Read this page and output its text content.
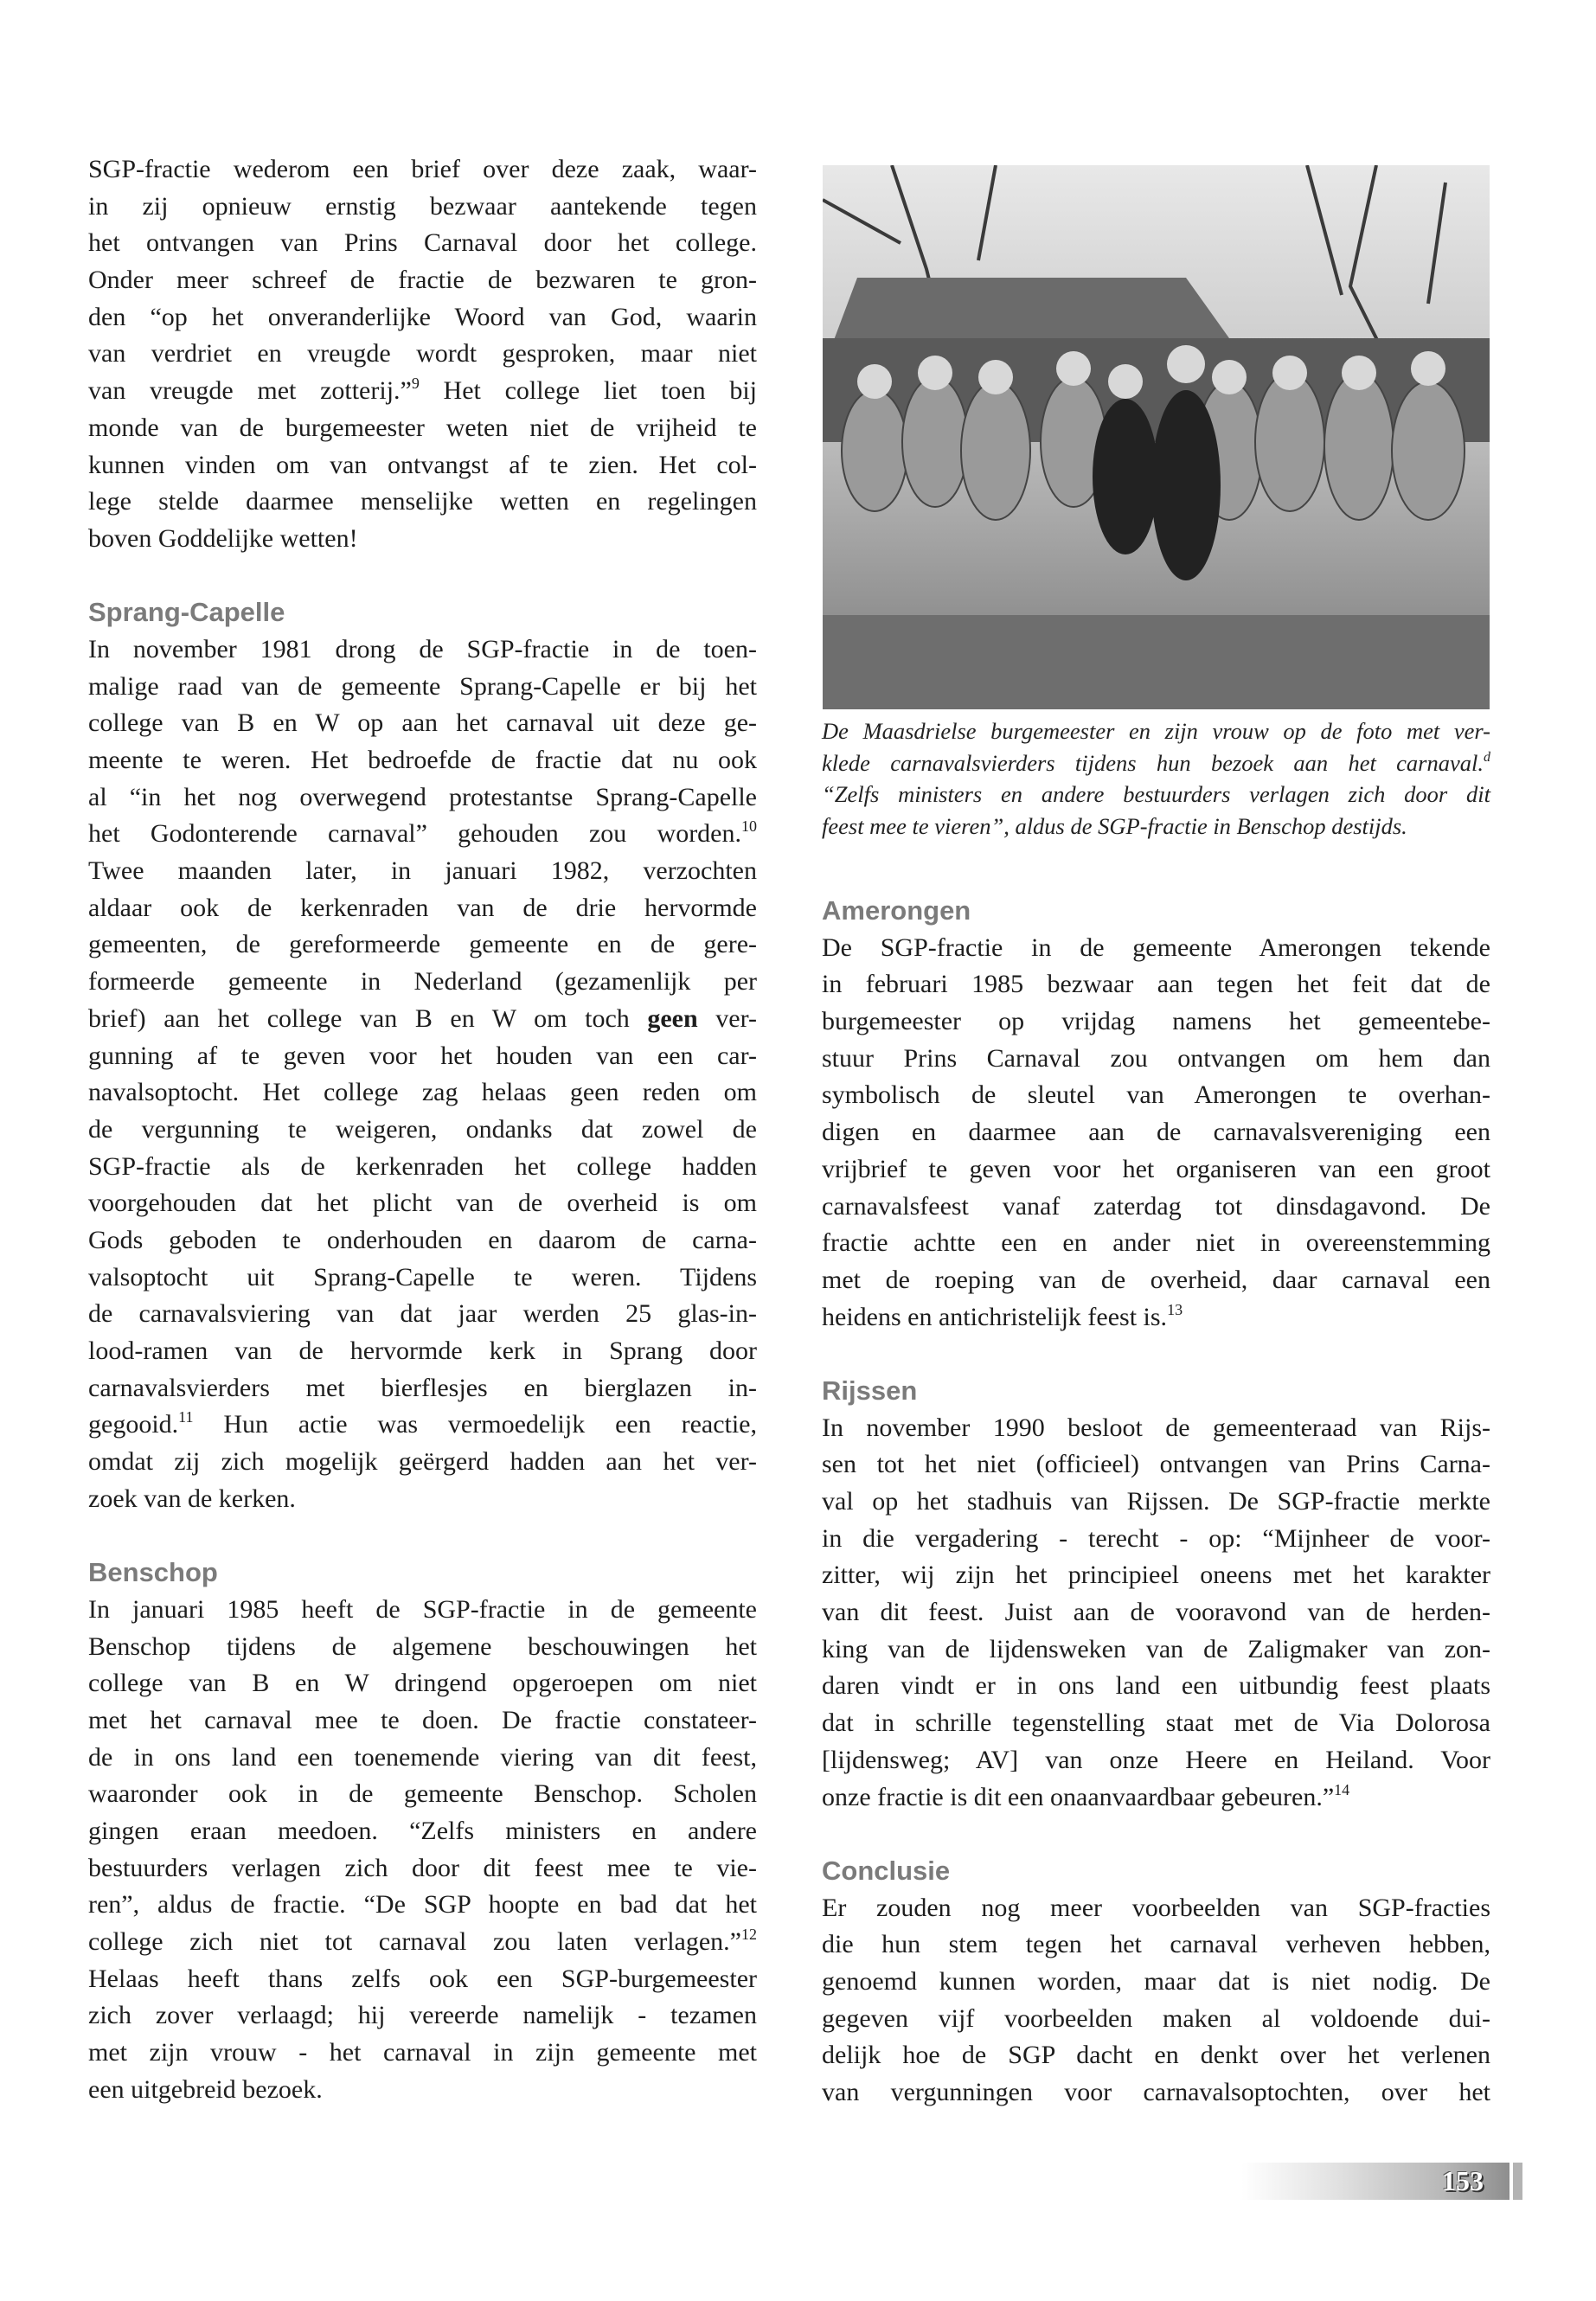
SGP-fractie wederom een brief over deze zaak, waar-
in zij opnieuw ernstig bezwaar aantekende tegen
het ontvangen van Prins Carnaval door het college.
Onder meer schreef de fractie de bezwaren te gron-
den “op het onveranderlijke Woord van God, waarin
van verdriet en vreugde wordt gesproken, maar niet
van vreugde met zotterij.”$^9$ Het college liet toen bij
monde van de burgemeester weten niet de vrijheid te
kunnen vinden om van ontvangst af te zien. Het col-
lege stelde daarmee menselijke wetten en regelingen
boven Goddelijke wetten!
Sprang-Capelle
In november 1981 drong de SGP-fractie in de toen-
malige raad van de gemeente Sprang-Capelle er bij het
college van B en W op aan het carnaval uit deze ge-
meente te weren. Het bedroefde de fractie dat nu ook
al “in het nog overwegend protestantse Sprang-Capelle
het Godonterende carnaval” gehouden zou worden.$^{10}$
Twee maanden later, in januari 1982, verzochten
aldaar ook de kerkenraden van de drie hervormde
gemeenten, de gereformeerde gemeente en de gere-
formeerde gemeente in Nederland (gezamenlijk per
brief) aan het college van B en W om toch geen ver-
gunning af te geven voor het houden van een car-
navalsoptocht. Het college zag helaas geen reden om
de vergunning te weigeren, ondanks dat zowel de
SGP-fractie als de kerkenraden het college hadden
voorgehouden dat het plicht van de overheid is om
Gods geboden te onderhouden en daarom de carna-
valsoptocht uit Sprang-Capelle te weren. Tijdens
de carnavalsviering van dat jaar werden 25 glas-in-
lood-ramen van de hervormde kerk in Sprang door
carnavalsvierders met bierflesjes en bierglazen in-
gegooid.$^{11}$ Hun actie was vermoedelijk een reactie,
omdat zij zich mogelijk geërgerd hadden aan het ver-
zoek van de kerken.
Benschop
In januari 1985 heeft de SGP-fractie in de gemeente
Benschop tijdens de algemene beschouwingen het
college van B en W dringend opgeroepen om niet
met het carnaval mee te doen. De fractie constateer-
de in ons land een toenemende viering van dit feest,
waaronder ook in de gemeente Benschop. Scholen
gingen eraan meedoen. “Zelfs ministers en andere
bestuurders verlagen zich door dit feest mee te vie-
ren”, aldus de fractie. “De SGP hoopte en bad dat het
college zich niet tot carnaval zou laten verlagen.”$^{12}$
Helaas heeft thans zelfs ook een SGP-burgemeester
zich zover verlaagd; hij vereerde namelijk - tezamen
met zijn vrouw - het carnaval in zijn gemeente met
een uitgebreid bezoek.
De Maasdrielse burgemeester en zijn vrouw op de foto met ver-
klede carnavalsvierders tijdens hun bezoek aan het carnaval.$^d$
“Zelfs ministers en andere bestuurders verlagen zich door dit
feest mee te vieren”, aldus de SGP-fractie in Benschop destijds.
Amerongen
De SGP-fractie in de gemeente Amerongen tekende
in februari 1985 bezwaar aan tegen het feit dat de
burgemeester op vrijdag namens het gemeentebe-
stuur Prins Carnaval zou ontvangen om hem dan
symbolisch de sleutel van Amerongen te overhan-
digen en daarmee aan de carnavalsvereniging een
vrijbrief te geven voor het organiseren van een groot
carnavalsfeest vanaf zaterdag tot dinsdagavond. De
fractie achtte een en ander niet in overeenstemming
met de roeping van de overheid, daar carnaval een
heidens en antichristelijk feest is.$^{13}$
Rijssen
In november 1990 besloot de gemeenteraad van Rijs-
sen tot het niet (officieel) ontvangen van Prins Carna-
val op het stadhuis van Rijssen. De SGP-fractie merkte
in die vergadering - terecht - op: “Mijnheer de voor-
zitter, wij zijn het principieel oneens met het karakter
van dit feest. Juist aan de vooravond van de herden-
king van de lijdensweken van de Zaligmaker van zon-
daren vindt er in ons land een uitbundig feest plaats
dat in schrille tegenstelling staat met de Via Dolorosa
[lijdensweg; AV] van onze Heere en Heiland. Voor
onze fractie is dit een onaanvaardbaar gebeuren.”$^{14}$
Conclusie
Er zouden nog meer voorbeelden van SGP-fracties
die hun stem tegen het carnaval verheven hebben,
genoemd kunnen worden, maar dat is niet nodig. De
gegeven vijf voorbeelden maken al voldoende dui-
delijk hoe de SGP dacht en denkt over het verlenen
van vergunningen voor carnavalsoptochten, over het
153
